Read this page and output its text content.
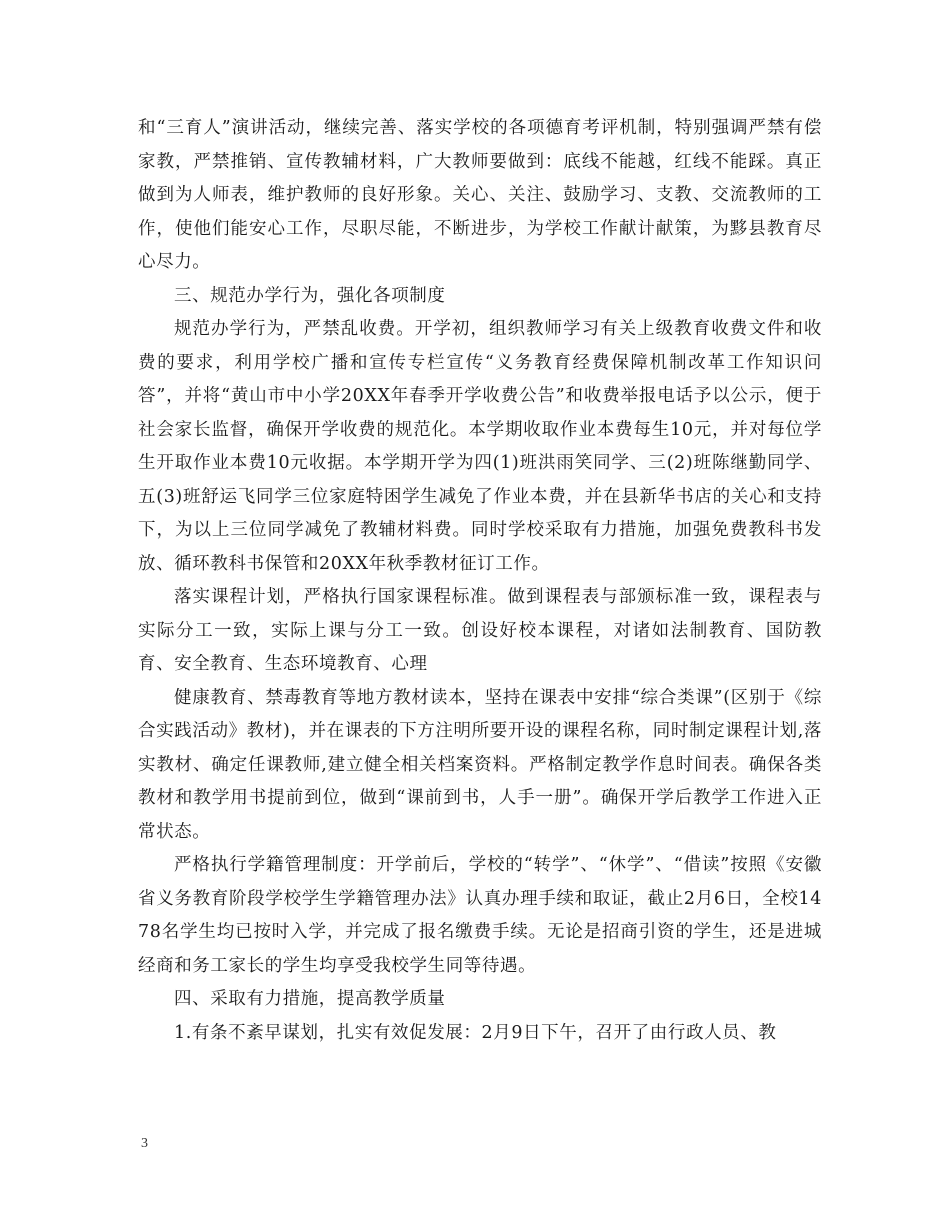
和“三育人”演讲活动，继续完善、落实学校的各项德育考评机制，特别强调严禁有偿家教，严禁推销、宣传教辅材料，广大教师要做到：底线不能越，红线不能踩。真正做到为人师表，维护教师的良好形象。关心、关注、鼓励学习、支教、交流教师的工作，使他们能安心工作，尽职尽能，不断进步，为学校工作献计献策，为黟县教育尽心尽力。

三、规范办学行为，强化各项制度

规范办学行为，严禁乱收费。开学初，组织教师学习有关上级教育收费文件和收费的要求，利用学校广播和宣传专栏宣传“义务教育经费保障机制改革工作知识问答”，并将“黄山市中小学20XX年春季开学收费公告”和收费举报电话予以公示，便于社会家长监督，确保开学收费的规范化。本学期收取作业本费每生10元，并对每位学生开取作业本费10元收据。本学期开学为四(1)班洪雨笑同学、三(2)班陈继勤同学、五(3)班舒运飞同学三位家庭特困学生减免了作业本费，并在县新华书店的关心和支持下，为以上三位同学减免了教辅材料费。同时学校采取有力措施，加强免费教科书发放、循环教科书保管和20XX年秋季教材征订工作。

落实课程计划，严格执行国家课程标准。做到课程表与部颁标准一致，课程表与实际分工一致，实际上课与分工一致。创设好校本课程，对诸如法制教育、国防教育、安全教育、生态环境教育、心理

健康教育、禁毒教育等地方教材读本，坚持在课表中安排“综合类课”(区别于《综合实践活动》教材)，并在课表的下方注明所要开设的课程名称，同时制定课程计划,落实教材、确定任课教师,建立健全相关档案资料。严格制定教学作息时间表。确保各类教材和教学用书提前到位，做到“课前到书，人手一册”。确保开学后教学工作进入正常状态。

严格执行学籍管理制度：开学前后，学校的“转学”、“休学”、“借读”按照《安徽省义务教育阶段学校学生学籍管理办法》认真办理手续和取证，截止2月6日，全校1478名学生均已按时入学，并完成了报名缴费手续。无论是招商引资的学生，还是进城经商和务工家长的学生均享受我校学生同等待遇。

四、采取有力措施，提高教学质量

1.有条不紊早谋划，扎实有效促发展：2月9日下午，召开了由行政人员、教

3
